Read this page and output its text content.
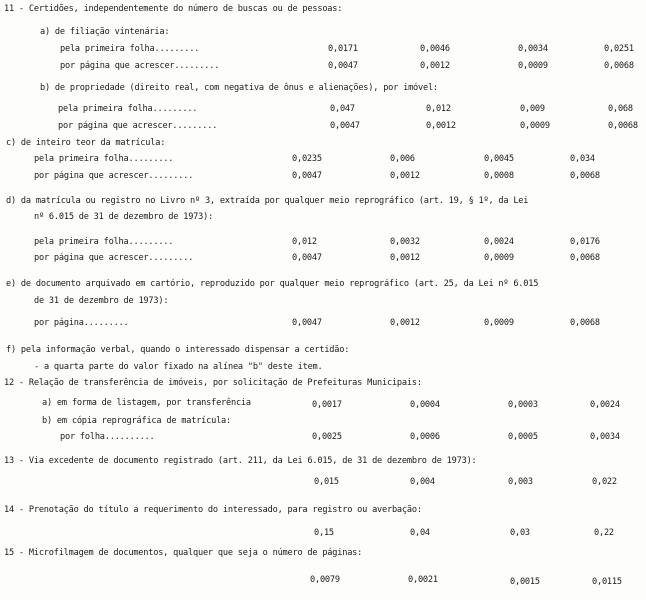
11 - Certidões, independentemente do número de buscas ou de pessoas:
a) de filiação vintenária:
pela primeira folha.........	0,0171	0,0046	0,0034	0,0251
por página que acrescer.........	0,0047	0,0012	0,0009	0,0068
b) de propriedade (direito real, com negativa de ônus e alienações), por imóvel:
pela primeira folha.........	0,047	0,012	0,009	0,068
por página que acrescer.........	0,0047	0,0012	0,0009	0,0068
c) de inteiro teor da matrícula:
pela primeira folha.........	0,0235	0,006	0,0045	0,034
por página que acrescer.........	0,0047	0,0012	0,0008	0,0068
d) da matrícula ou registro no Livro nº 3, extraída por qualquer meio reprográfico (art. 19, § 1º, da Lei
nº 6.015 de 31 de dezembro de 1973):
pela primeira folha.........	0,012	0,0032	0,0024	0,0176
por página que acrescer.........	0,0047	0,0012	0,0009	0,0068
e) de documento arquivado em cartório, reproduzido por qualquer meio reprográfico (art. 25, da Lei nº 6.015
de 31 de dezembro de 1973):
por página.........	0,0047	0,0012	0,0009	0,0068
f) pela informação verbal, quando o interessado dispensar a certidão:
- a quarta parte do valor fixado na alínea "b" deste item.
12 - Relação de transferência de imóveis, por solicitação de Prefeituras Municipais:
a) em forma de listagem, por transferência	0,0017	0,0004	0,0003	0,0024
b) em cópia reprográfica de matrícula:
por folha..........	0,0025	0,0006	0,0005	0,0034
13 - Via excedente de documento registrado (art. 211, da Lei 6.015, de 31 de dezembro de 1973):
0,015	0,004	0,003	0,022
14 - Prenotação do título a requerimento do interessado, para registro ou averbação:
0,15	0,04	0,03	0,22
15 - Microfilmagem de documentos, qualquer que seja o número de páginas:
0,0079	0,0021	0,0015	0,0115
